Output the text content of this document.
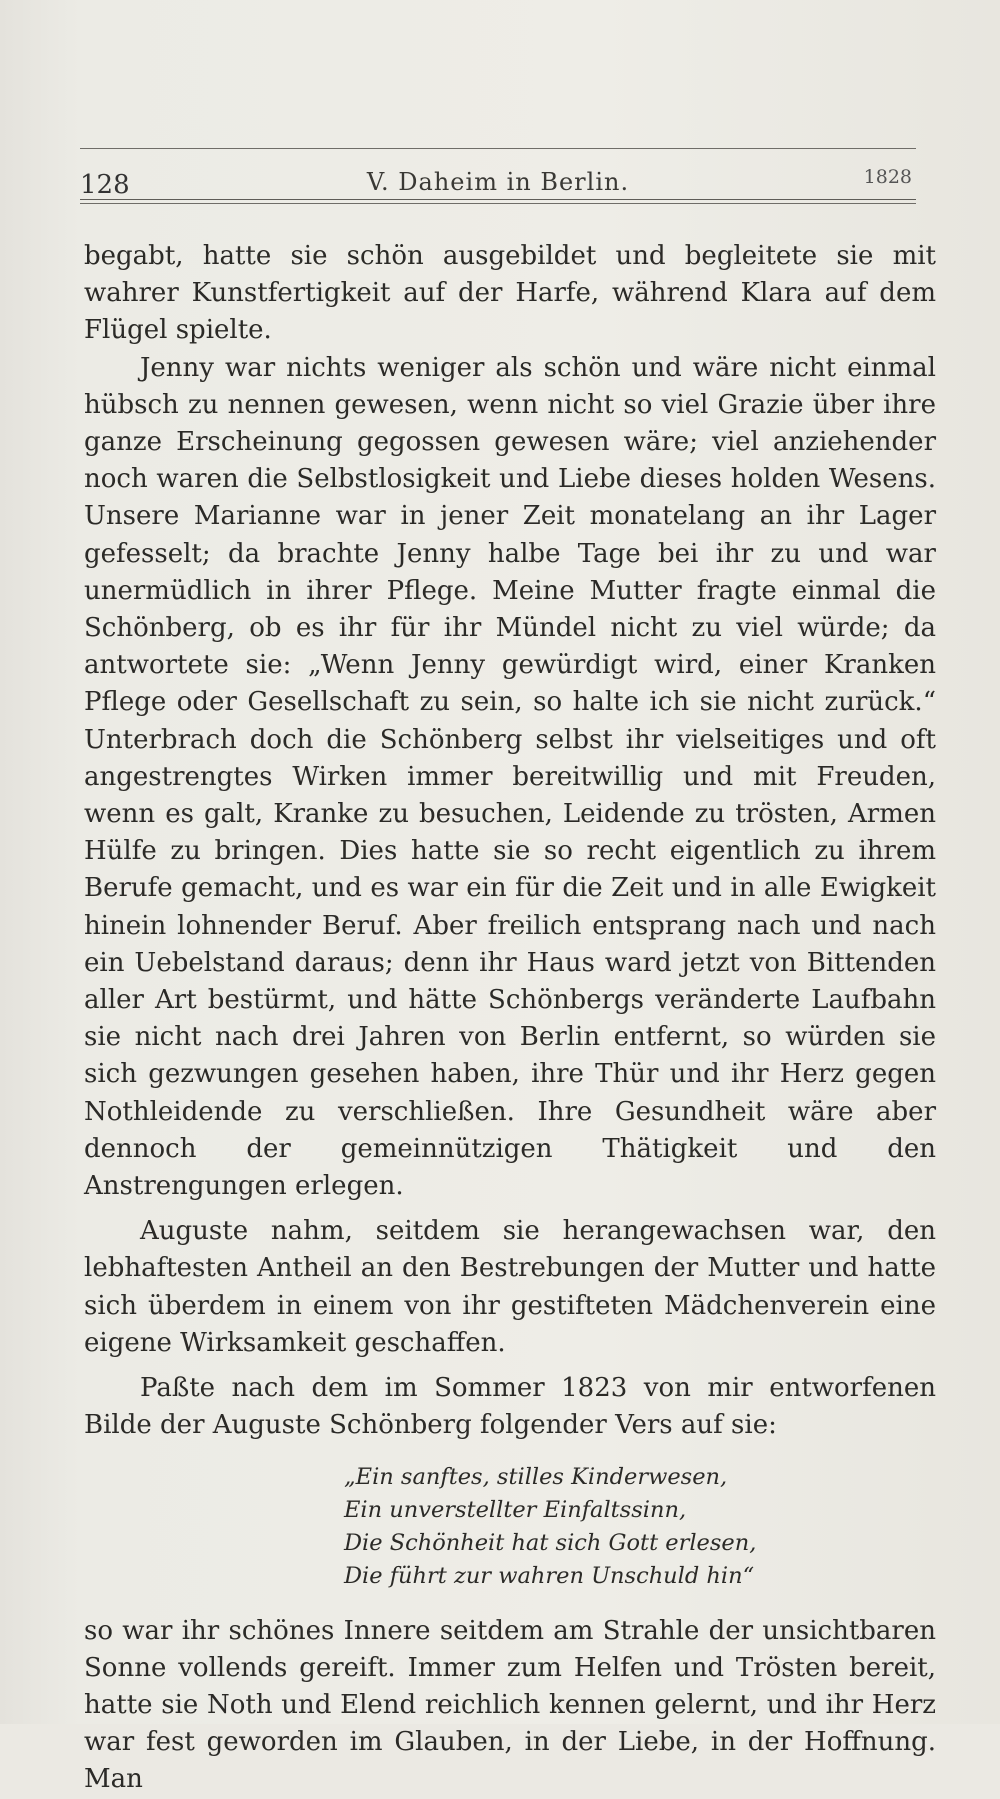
128	V. Daheim in Berlin.	1828

begabt, hatte sie schön ausgebildet und begleitete sie mit wahrer Kunstfertigkeit auf der Harfe, während Klara auf dem Flügel spielte.

Jenny war nichts weniger als schön und wäre nicht einmal hübsch zu nennen gewesen, wenn nicht so viel Grazie über ihre ganze Erscheinung gegossen gewesen wäre; viel anziehender noch waren die Selbstlosigkeit und Liebe dieses holden Wesens. Unsere Marianne war in jener Zeit monatelang an ihr Lager gefesselt; da brachte Jenny halbe Tage bei ihr zu und war unermüdlich in ihrer Pflege. Meine Mutter fragte einmal die Schönberg, ob es ihr für ihr Mündel nicht zu viel würde; da antwortete sie: „Wenn Jenny gewürdigt wird, einer Kranken Pflege oder Gesellschaft zu sein, so halte ich sie nicht zurück.“ Unterbrach doch die Schönberg selbst ihr vielseitiges und oft angestrengtes Wirken immer bereitwillig und mit Freuden, wenn es galt, Kranke zu besuchen, Leidende zu trösten, Armen Hülfe zu bringen. Dies hatte sie so recht eigentlich zu ihrem Berufe gemacht, und es war ein für die Zeit und in alle Ewigkeit hinein lohnender Beruf. Aber freilich entsprang nach und nach ein Uebelstand daraus; denn ihr Haus ward jetzt von Bittenden aller Art bestürmt, und hätte Schönbergs veränderte Laufbahn sie nicht nach drei Jahren von Berlin entfernt, so würden sie sich gezwungen gesehen haben, ihre Thür und ihr Herz gegen Nothleidende zu verschließen. Ihre Gesundheit wäre aber dennoch der gemeinnützigen Thätigkeit und den Anstrengungen erlegen.

Auguste nahm, seitdem sie herangewachsen war, den lebhaftesten Antheil an den Bestrebungen der Mutter und hatte sich überdem in einem von ihr gestifteten Mädchenverein eine eigene Wirksamkeit geschaffen.

Paßte nach dem im Sommer 1823 von mir entworfenen Bilde der Auguste Schönberg folgender Vers auf sie:

„Ein sanftes, stilles Kinderwesen,
Ein unverstellter Einfaltssinn,
Die Schönheit hat sich Gott erlesen,
Die führt zur wahren Unschuld hin“

so war ihr schönes Innere seitdem am Strahle der unsichtbaren Sonne vollends gereift. Immer zum Helfen und Trösten bereit, hatte sie Noth und Elend reichlich kennen gelernt, und ihr Herz war fest geworden im Glauben, in der Liebe, in der Hoffnung. Man
